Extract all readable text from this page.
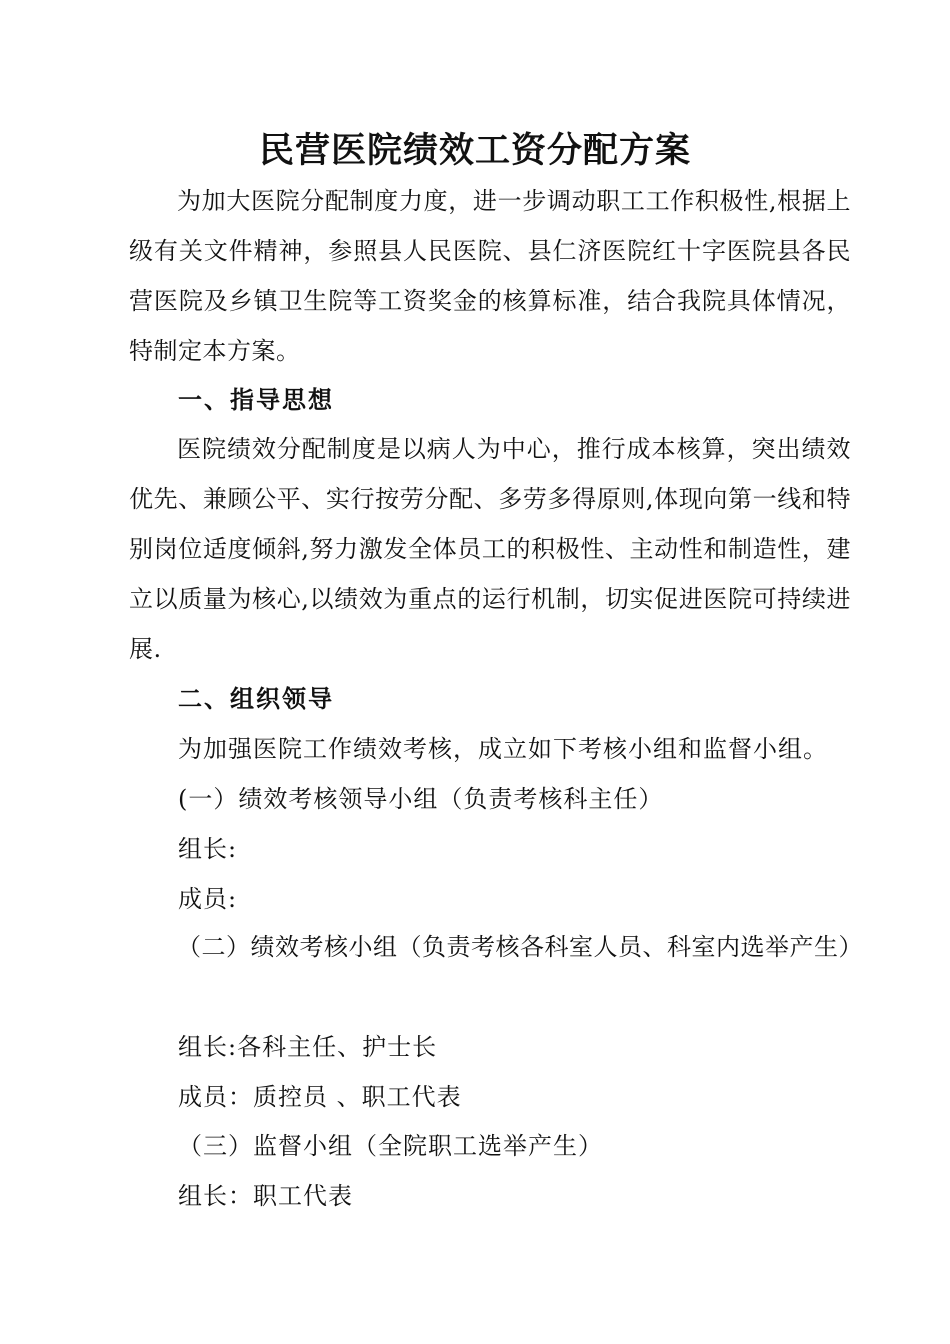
民营医院绩效工资分配方案

为加大医院分配制度力度，进一步调动职工工作积极性,根据上级有关文件精神，参照县人民医院、县仁济医院红十字医院县各民营医院及乡镇卫生院等工资奖金的核算标准，结合我院具体情况，特制定本方案。

一、指导思想

医院绩效分配制度是以病人为中心，推行成本核算，突出绩效优先、兼顾公平、实行按劳分配、多劳多得原则,体现向第一线和特别岗位适度倾斜,努力激发全体员工的积极性、主动性和制造性，建立以质量为核心,以绩效为重点的运行机制，切实促进医院可持续进展.

二、组织领导
为加强医院工作绩效考核，成立如下考核小组和监督小组。
(一）绩效考核领导小组（负责考核科主任）
组长:
成员:

（二）绩效考核小组（负责考核各科室人员、科室内选举产生）

组长:各科主任、护士长
成员：质控员 、职工代表
（三）监督小组（全院职工选举产生）
组长：职工代表
